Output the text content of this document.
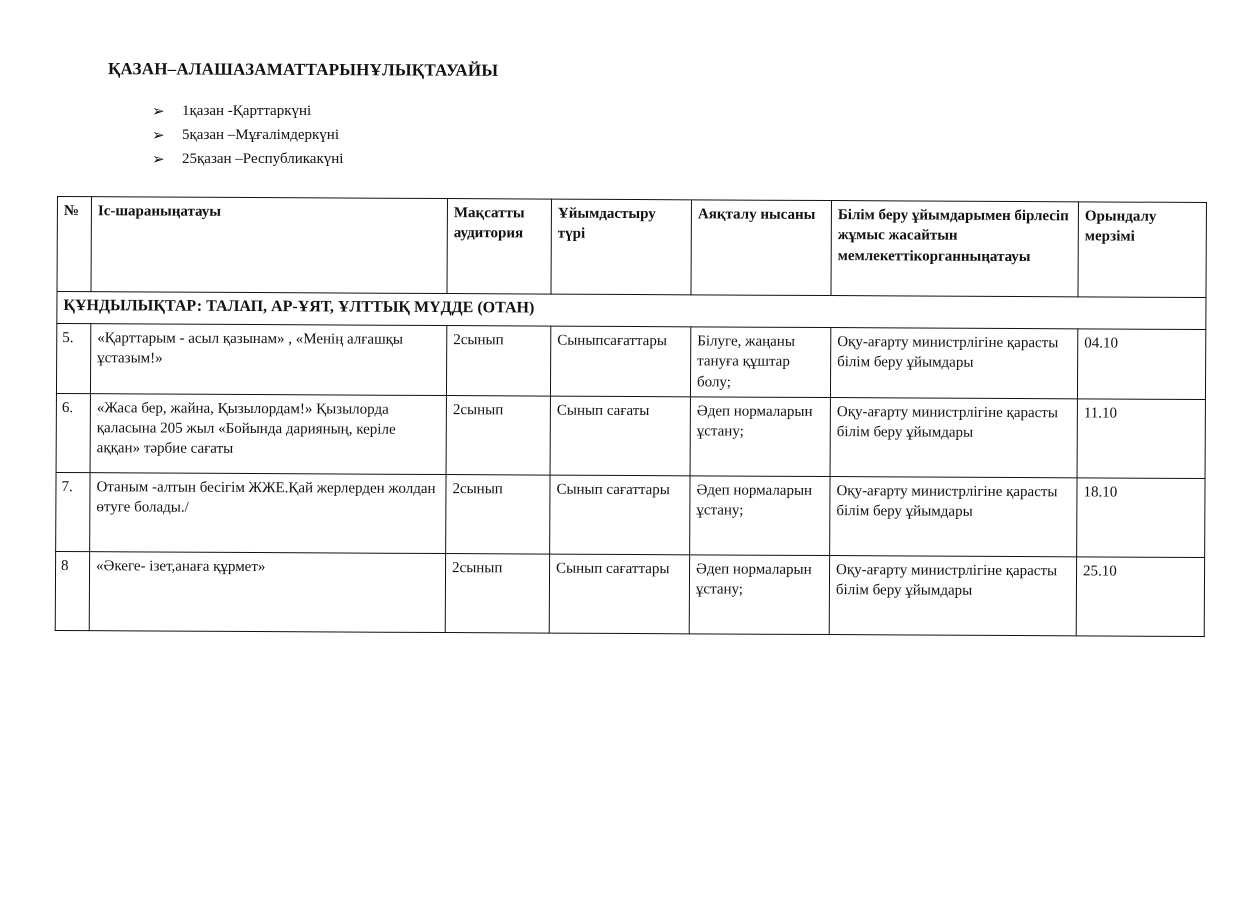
ҚАЗАН–АЛАШАЗАМАТТАРЫНҰЛЫҚТАУАЙЫ
➢	1қазан -Қарттаркүні
➢	5қазан –Мұғалімдеркүні
➢	25қазан –Республикакүні
№	Іс-шараныңатауы	Мақсатты аудитория	Ұйымдастыру түрі	Аяқталу нысаны	Білім беру ұйымдарымен бірлесіп жұмыс жасайтын мемлекеттікорганныңатауы	Орындалу мерзімі
ҚҰНДЫЛЫҚТАР: ТАЛАП, АР-ҰЯТ, ҰЛТТЫҚ МҮДДЕ (ОТАН)						
5.	«Қарттарым - асыл қазынам» , «Менің алғашқы ұстазым!»	2сынып	Сыныпсағаттары	Білуге, жаңаны тануға құштар болу;	Оқу-ағарту министрлігіне қарасты білім беру ұйымдары	04.10
6.	«Жаса бер, жайна, Қызылордам!» Қызылорда қаласына 205 жыл «Бойында дарияның, керіле аққан» тәрбие сағаты	2сынып	Сынып сағаты	Әдеп нормаларын ұстану;	Оқу-ағарту министрлігіне қарасты білім беру ұйымдары	11.10
7.	Отаным -алтын бесігім ЖЖЕ.Қай жерлерден жолдан өтуге болады./	2сынып	Сынып сағаттары	Әдеп нормаларын ұстану;	Оқу-ағарту министрлігіне қарасты білім беру ұйымдары	18.10
8	«Әкеге- ізет,анаға құрмет»	2сынып	Сынып сағаттары	Әдеп нормаларын ұстану;	Оқу-ағарту министрлігіне қарасты білім беру ұйымдары	25.10
